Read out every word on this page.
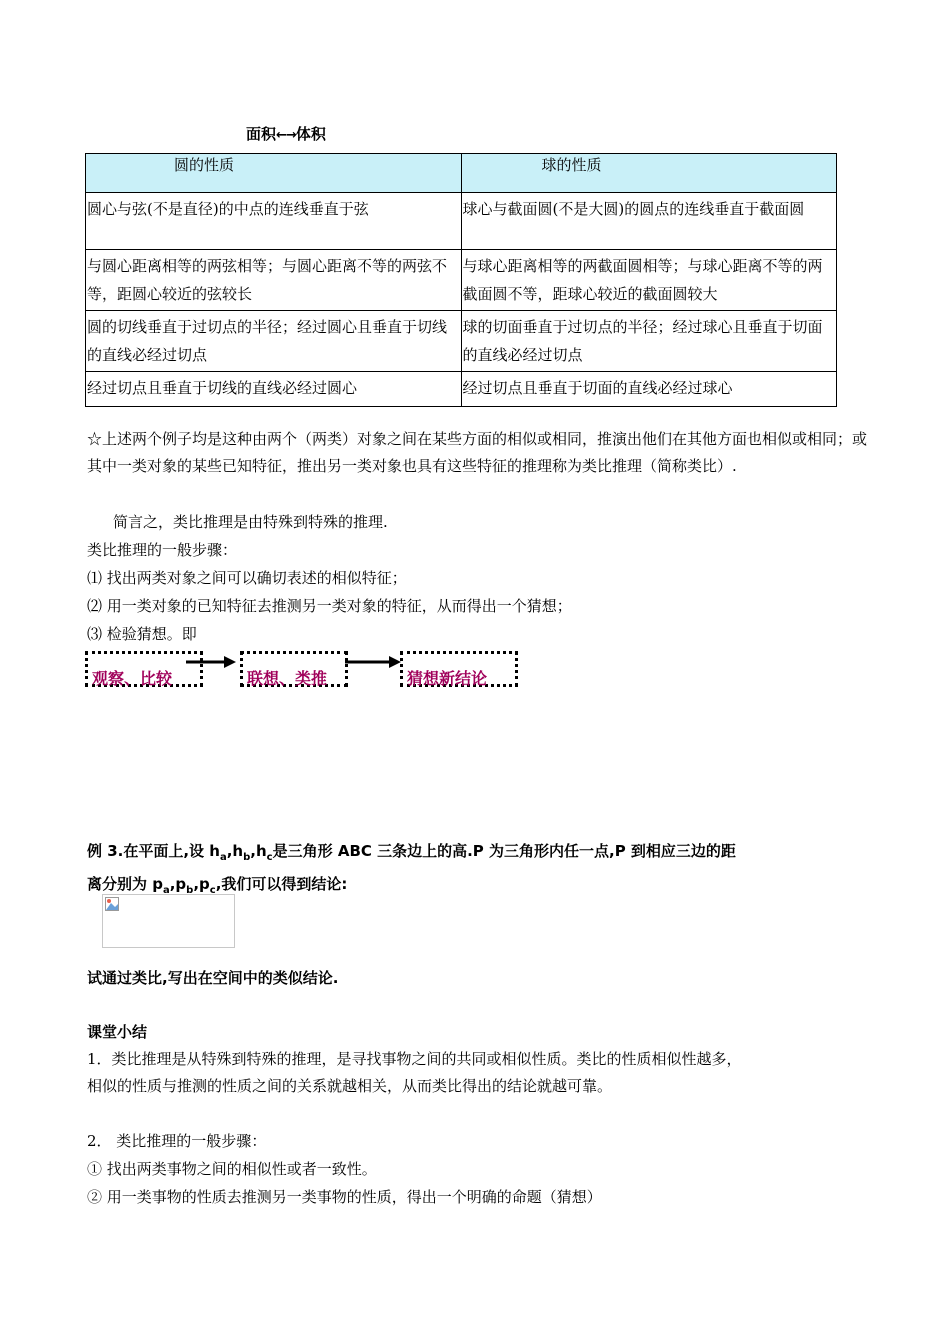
面积←→体积
圆的性质	球的性质
圆心与弦(不是直径)的中点的连线垂直于弦	球心与截面圆(不是大圆)的圆点的连线垂直于截面圆
与圆心距离相等的两弦相等；与圆心距离不等的两弦不等，距圆心较近的弦较长	与球心距离相等的两截面圆相等；与球心距离不等的两截面圆不等，距球心较近的截面圆较大
圆的切线垂直于过切点的半径；经过圆心且垂直于切线的直线必经过切点	球的切面垂直于过切点的半径；经过球心且垂直于切面的直线必经过切点
经过切点且垂直于切线的直线必经过圆心	经过切点且垂直于切面的直线必经过球心
☆上述两个例子均是这种由两个（两类）对象之间在某些方面的相似或相同，推演出他们在其他方面也相似或相同；或其中一类对象的某些已知特征，推出另一类对象也具有这些特征的推理称为类比推理（简称类比）.
简言之，类比推理是由特殊到特殊的推理.
类比推理的一般步骤：
⑴ 找出两类对象之间可以确切表述的相似特征；
⑵ 用一类对象的已知特征去推测另一类对象的特征，从而得出一个猜想；
⑶ 检验猜想。即
观察、比较	联想、类推	猜想新结论
例 3.在平面上,设 $h_a,h_b,h_c$是三角形 ABC 三条边上的高.P 为三角形内任一点,P 到相应三边的距离分别为 $p_a,p_b,p_c$,我们可以得到结论:
试通过类比,写出在空间中的类似结论.
课堂小结
1．类比推理是从特殊到特殊的推理，是寻找事物之间的共同或相似性质。类比的性质相似性越多，相似的性质与推测的性质之间的关系就越相关，从而类比得出的结论就越可靠。
2． 类比推理的一般步骤：
① 找出两类事物之间的相似性或者一致性。
② 用一类事物的性质去推测另一类事物的性质，得出一个明确的命题（猜想）
